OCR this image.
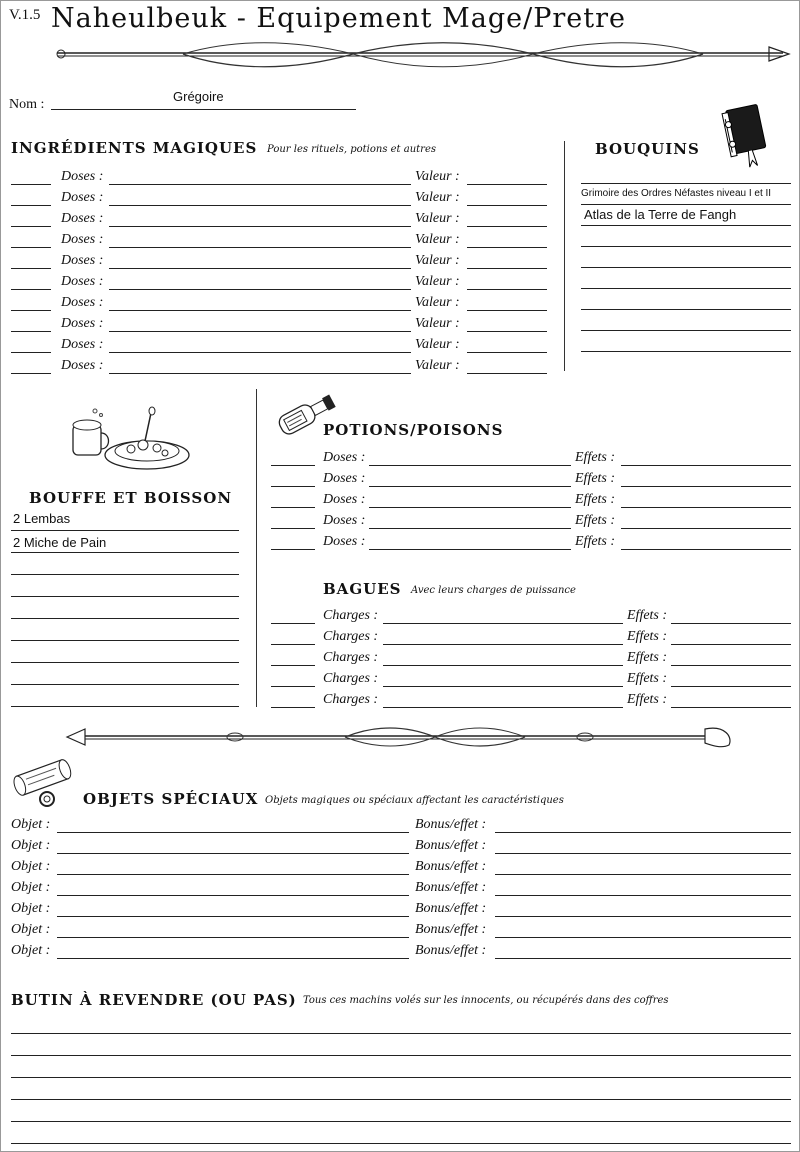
V.1.5 Naheulbeuk - Equipement Mage/Pretre
Nom :
Grégoire
INGRÉDIENTS MAGIQUES Pour les rituels, potions et autres
Doses :	Valeur :
Doses :	Valeur :
Doses :	Valeur :
Doses :	Valeur :
Doses :	Valeur :
Doses :	Valeur :
Doses :	Valeur :
Doses :	Valeur :
Doses :	Valeur :
Doses :	Valeur :
BOUQUINS
Grimoire des Ordres Néfastes niveau I et II
Atlas de la Terre de Fangh
BOUFFE ET BOISSON
2 Lembas
2 Miche de Pain
POTIONS/POISONS
Doses :	Effets :
Doses :	Effets :
Doses :	Effets :
Doses :	Effets :
Doses :	Effets :
BAGUES Avec leurs charges de puissance
Charges :	Effets :
Charges :	Effets :
Charges :	Effets :
Charges :	Effets :
Charges :	Effets :
OBJETS SPÉCIAUX Objets magiques ou spéciaux affectant les caractéristiques
Objet :	Bonus/effet :
Objet :	Bonus/effet :
Objet :	Bonus/effet :
Objet :	Bonus/effet :
Objet :	Bonus/effet :
Objet :	Bonus/effet :
Objet :	Bonus/effet :
BUTIN À REVENDRE (OU PAS) Tous ces machins volés sur les innocents, ou récupérés dans des coffres
